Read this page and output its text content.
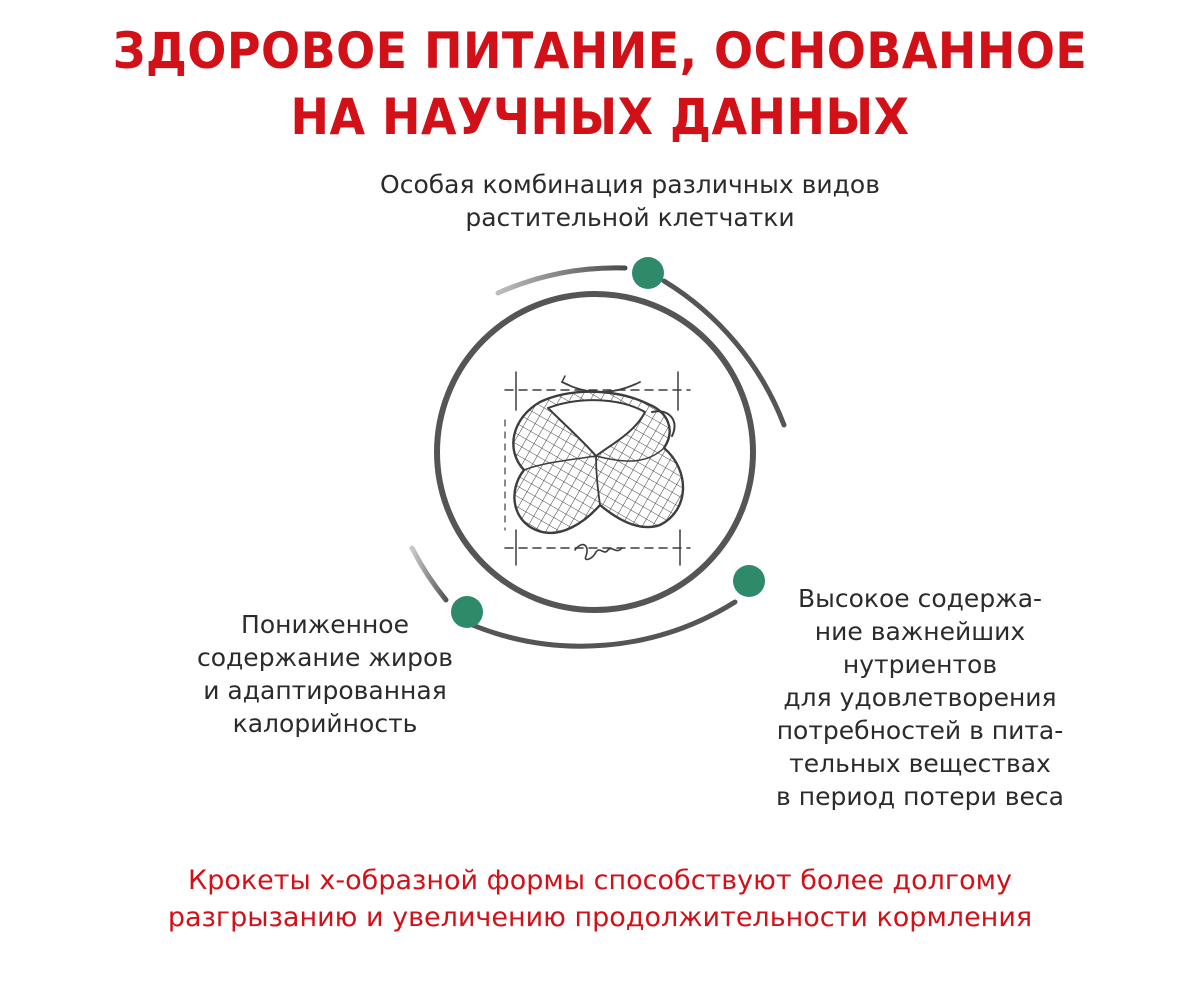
ЗДОРОВОЕ ПИТАНИЕ, ОСНОВАННОЕ
НА НАУЧНЫХ ДАННЫХ
Особая комбинация различных видов
растительной клетчатки
Пониженное
содержание жиров
и адаптированная
калорийность
Высокое содержа-
ние важнейших
нутриентов
для удовлетворения
потребностей в пита-
тельных веществах
в период потери веса
Крокеты x-образной формы способствуют более долгому
разгрызанию и увеличению продолжительности кормления
